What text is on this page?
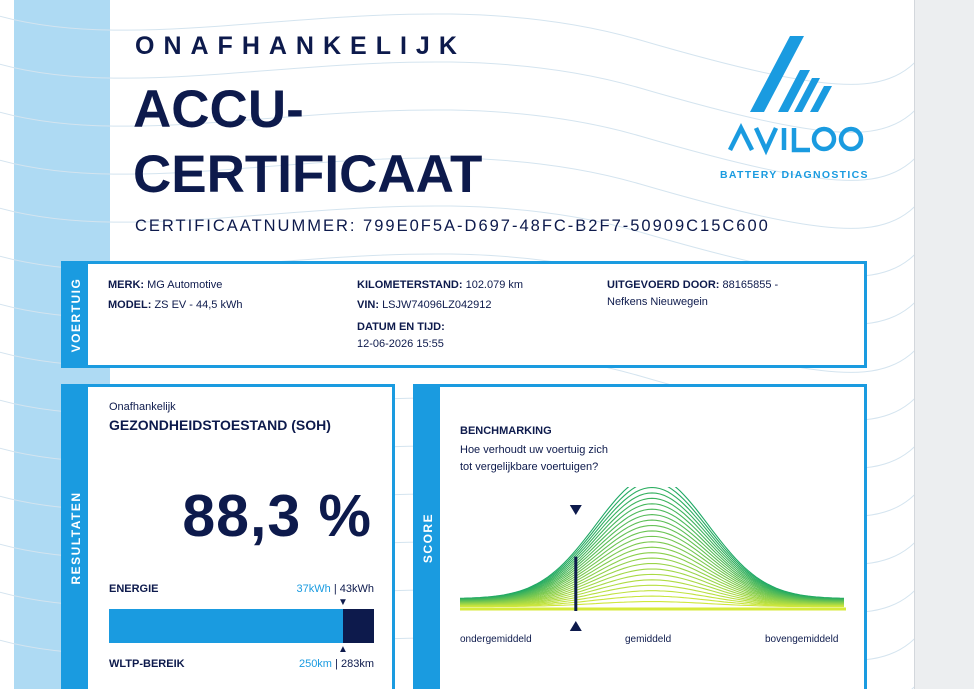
ONAFHANKELIJK
ACCU-
CERTIFICAAT
CERTIFICAATNUMMER: 799E0F5A-D697-48FC-B2F7-50909C15C600
BATTERY DIAGNOSTICS
VOERTUIG MERK: MG Automotive
MODEL: ZS EV - 44,5 kWh
KILOMETERSTAND: 102.079 km
VIN: LSJW74096LZ042912
DATUM EN TIJD:
12-06-2026 15:55
UITGEVOERD DOOR: 88165855 -
Nefkens Nieuwegein
RESULTATEN
Onafhankelijk
GEZONDHEIDSTOESTAND (SOH)
88,3 %
ENERGIE	37kWh | 43kWh
▼
▲
WLTP-BEREIK	250km | 283km
SCORE
BENCHMARKING
Hoe verhoudt uw voertuig zich tot vergelijkbare voertuigen?
ondergemiddeld	gemiddeld	bovengemiddeld
